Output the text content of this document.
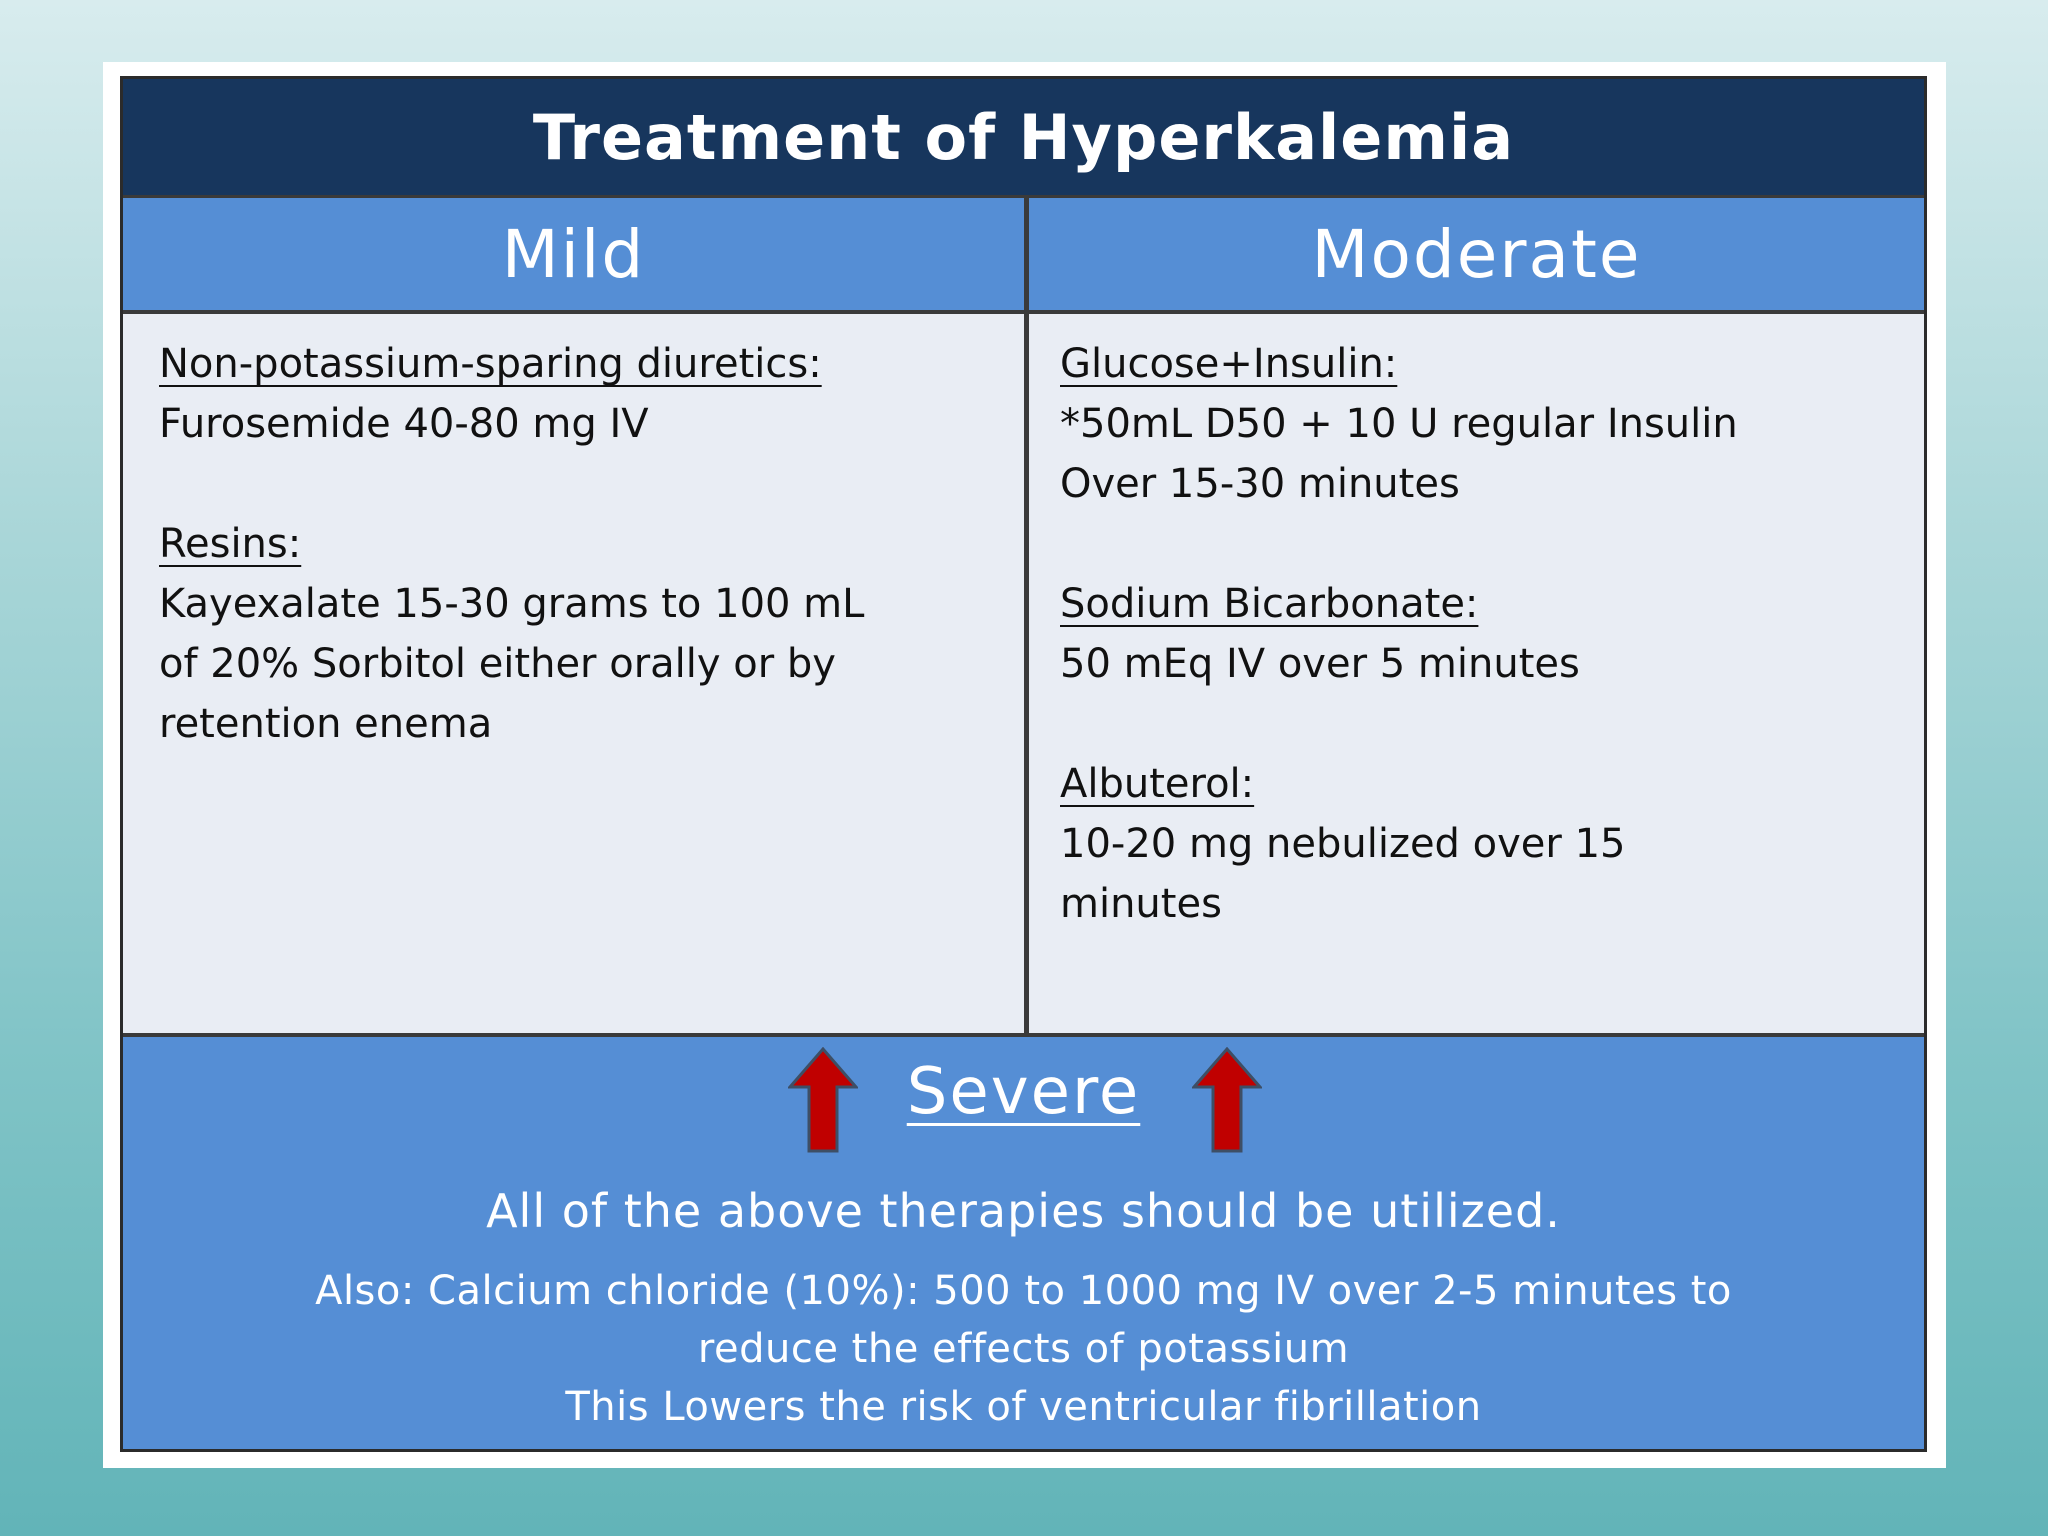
Treatment of Hyperkalemia
Mild	Moderate
Non-potassium-sparing diuretics:
Furosemide 40-80 mg IV
Resins:
Kayexalate 15-30 grams to 100 mL
of 20% Sorbitol either orally or by
retention enema
Glucose+Insulin:
*50mL D50 + 10 U regular Insulin
Over 15-30 minutes
Sodium Bicarbonate:
50 mEq IV over 5 minutes
Albuterol:
10-20 mg nebulized over 15
minutes
Severe
All of the above therapies should be utilized.
Also: Calcium chloride (10%): 500 to 1000 mg IV over 2-5 minutes to
reduce the effects of potassium
This Lowers the risk of ventricular fibrillation
